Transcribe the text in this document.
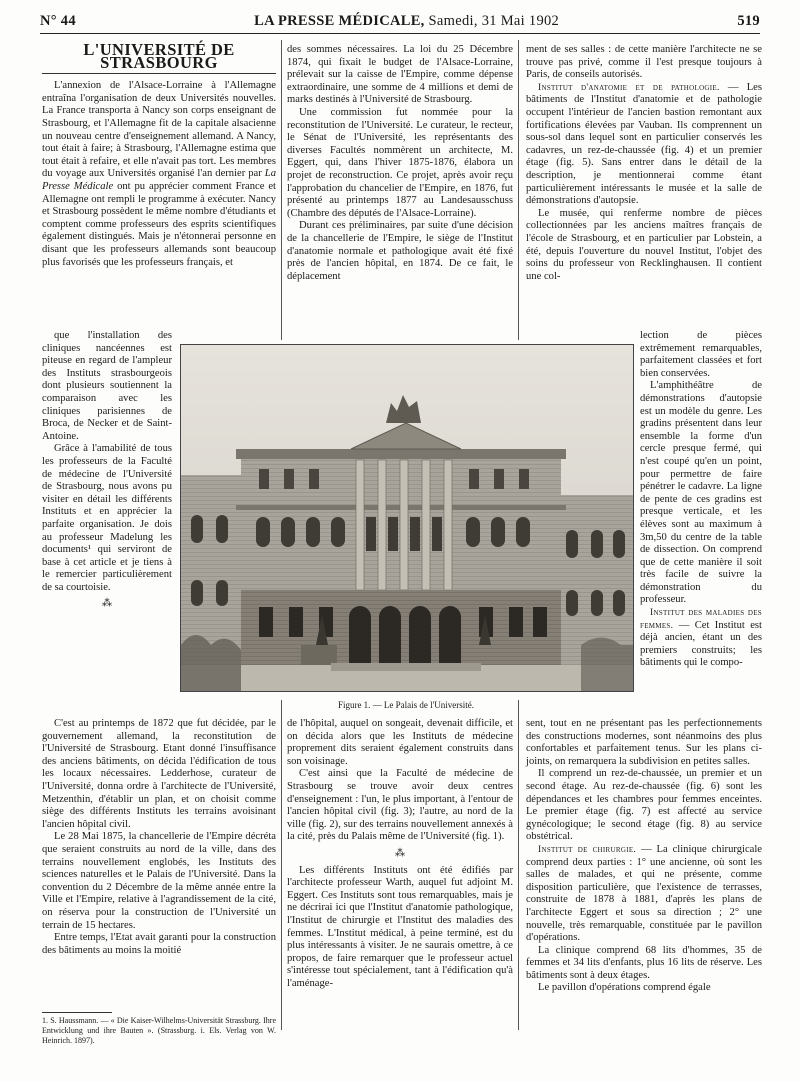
N° 44	LA PRESSE MÉDICALE, Samedi, 31 Mai 1902	519
L'UNIVERSITÉ DE STRASBOURG

L'annexion de l'Alsace-Lorraine à l'Allemagne entraîna l'organisation de deux Universités nouvelles. La France transporta à Nancy son corps enseignant de Strasbourg, et l'Allemagne fit de la capitale alsacienne un nouveau centre d'enseignement allemand. A Nancy, tout était à faire; à Strasbourg, l'Allemagne estima que tout était à refaire, et elle n'avait pas tort. Les membres du voyage aux Universités organisé l'an dernier par La Presse Médicale ont pu apprécier comment France et Allemagne ont rempli le programme à exécuter. Nancy et Strasbourg possèdent le même nombre d'étudiants et comptent comme professeurs des esprits scientifiques également distingués. Mais je n'étonnerai personne en disant que les professeurs allemands sont beaucoup plus favorisés que les professeurs français, et

que l'installation des cliniques nancéennes est piteuse en regard de l'ampleur des Instituts strasbourgeois dont plusieurs soutiennent la comparaison avec les cliniques parisiennes de Broca, de Necker et de Saint-Antoine.

Grâce à l'amabilité de tous les professeurs de la Faculté de médecine de l'Université de Strasbourg, nous avons pu visiter en détail les différents Instituts et en apprécier la parfaite organisation. Je dois au professeur Madelung les documents¹ qui serviront de base à cet article et je tiens à le remercier particulièrement de sa courtoisie.

⁂

des sommes nécessaires. La loi du 25 Décembre 1874, qui fixait le budget de l'Alsace-Lorraine, prélevait sur la caisse de l'Empire, comme dépense extraordinaire, une somme de 4 millions et demi de marks destinés à l'Université de Strasbourg.

Une commission fut nommée pour la reconstitution de l'Université. Le curateur, le recteur, le Sénat de l'Université, les représentants des diverses Facultés nommèrent un architecte, M. Eggert, qui, dans l'hiver 1875-1876, élabora un projet de reconstruction. Ce projet, après avoir reçu l'approbation du chancelier de l'Empire, en 1876, fut présenté au printemps 1877 au Landesausschuss (Chambre des députés de l'Alsace-Lorraine).

Durant ces préliminaires, par suite d'une décision de la chancellerie de l'Empire, le siège de l'Institut d'anatomie normale et pathologique avait été fixé près de l'ancien hôpital, en 1874. De ce fait, le déplacement

ment de ses salles : de cette manière l'architecte ne se trouve pas privé, comme il l'est presque toujours à Paris, de conseils autorisés.

Institut d'anatomie et de pathologie. — Les bâtiments de l'Institut d'anatomie et de pathologie occupent l'intérieur de l'ancien bastion remontant aux fortifications élevées par Vauban. Ils comprennent un sous-sol dans lequel sont en particulier conservés les cadavres, un rez-de-chaussée (fig. 4) et un premier étage (fig. 5). Sans entrer dans le détail de la description, je mentionnerai comme étant particulièrement intéressants le musée et la salle de démonstrations d'autopsie.

Le musée, qui renferme nombre de pièces collectionnées par les anciens maîtres français de l'école de Strasbourg, et en particulier par Lobstein, a été, depuis l'ouverture du nouvel Institut, l'objet des soins du professeur von Recklinghausen. Il contient une col-

lection de pièces extrêmement remarquables, parfaitement classées et fort bien conservées.

L'amphithéâtre de démonstrations d'autopsie est un modèle du genre. Les gradins présentent dans leur ensemble la forme d'un cercle presque fermé, qui n'est coupé qu'en un point, pour permettre de faire pénétrer le cadavre. La ligne de pente de ces gradins est presque verticale, et les élèves sont au maximum à 3m,50 du centre de la table de dissection. On comprend que de cette manière il soit très facile de suivre la démonstration du professeur.

Institut des maladies des femmes. — Cet Institut est déjà ancien, étant un des premiers construits; les bâtiments qui le compo-

Figure 1. — Le Palais de l'Université.

C'est au printemps de 1872 que fut décidée, par le gouvernement allemand, la reconstitution de l'Université de Strasbourg. Etant donné l'insuffisance des anciens bâtiments, on décida l'édification de tous les locaux nécessaires. Ledderhose, curateur de l'Université, donna ordre à l'architecte de l'Université, Metzenthin, d'établir un plan, et on choisit comme siège des différents Instituts les terrains avoisinant l'ancien hôpital civil.

Le 28 Mai 1875, la chancellerie de l'Empire décréta que seraient construits au nord de la ville, dans des terrains nouvellement englobés, les Instituts des sciences naturelles et le Palais de l'Université. Dans la convention du 2 Décembre de la même année entre la Ville et l'Empire, relative à l'agrandissement de la cité, on réserva pour la construction de l'Université un terrain de 15 hectares.

Entre temps, l'Etat avait garanti pour la construction des bâtiments au moins la moitié

1. S. Haussmann. — « Die Kaiser-Wilhelms-Universität Strassburg. Ihre Entwicklung und ihre Bauten ». (Strassburg. i. Els. Verlag von W. Heinrich. 1897).

de l'hôpital, auquel on songeait, devenait difficile, et on décida alors que les Instituts de médecine proprement dits seraient également construits dans son voisinage.

C'est ainsi que la Faculté de médecine de Strasbourg se trouve avoir deux centres d'enseignement : l'un, le plus important, à l'entour de l'ancien hôpital civil (fig. 3); l'autre, au nord de la ville (fig. 2), sur des terrains nouvellement annexés à la cité, près du Palais même de l'Université (fig. 1).

⁂

Les différents Instituts ont été édifiés par l'architecte professeur Warth, auquel fut adjoint M. Eggert. Ces Instituts sont tous remarquables, mais je ne décrirai ici que l'Institut d'anatomie pathologique, l'Institut de chirurgie et l'Institut des maladies des femmes. L'Institut médical, à peine terminé, est du plus intéressants à visiter. Je ne saurais omettre, à ce propos, de faire remarquer que le professeur actuel s'intéresse tout spécialement, tant à l'édification qu'à l'aménage-

sent, tout en ne présentant pas les perfectionnements des constructions modernes, sont néanmoins des plus confortables et parfaitement tenus. Sur les plans ci-joints, on remarquera la subdivision en petites salles.

Il comprend un rez-de-chaussée, un premier et un second étage. Au rez-de-chaussée (fig. 6) sont les dépendances et les chambres pour femmes enceintes. Le premier étage (fig. 7) est affecté au service gynécologique; le second étage (fig. 8) au service obstétrical.

Institut de chirurgie. — La clinique chirurgicale comprend deux parties : 1° une ancienne, où sont les salles de malades, et qui ne présente, comme disposition particulière, que l'existence de terrasses, construite de 1878 à 1881, d'après les plans de l'architecte Eggert et sous sa direction ; 2° une nouvelle, très remarquable, constituée par le pavillon d'opérations.

La clinique comprend 68 lits d'hommes, 35 de femmes et 34 lits d'enfants, plus 16 lits de réserve. Les bâtiments sont à deux étages.

Le pavillon d'opérations comprend égale
